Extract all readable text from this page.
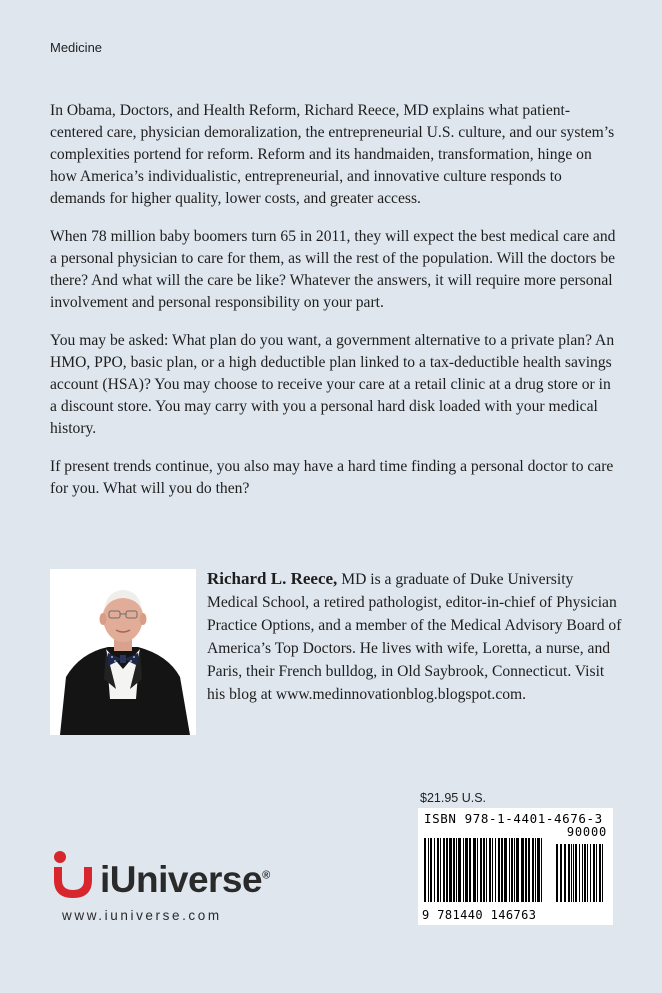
Medicine

In Obama, Doctors, and Health Reform, Richard Reece, MD explains what patient-centered care, physician demoralization, the entrepreneurial U.S. culture, and our system’s complexities portend for reform. Reform and its handmaiden, transformation, hinge on how America’s individualistic, entrepreneurial, and innovative culture responds to demands for higher quality, lower costs, and greater access.

When 78 million baby boomers turn 65 in 2011, they will expect the best medical care and a personal physician to care for them, as will the rest of the population. Will the doctors be there? And what will the care be like? Whatever the answers, it will require more personal involvement and personal responsibility on your part.

You may be asked: What plan do you want, a government alternative to a private plan? An HMO, PPO, basic plan, or a high deductible plan linked to a tax-deductible health savings account (HSA)? You may choose to receive your care at a retail clinic at a drug store or in a discount store. You may carry with you a personal hard disk loaded with your medical history.

If present trends continue, you also may have a hard time finding a personal doctor to care for you. What will you do then?

Richard L. Reece, MD is a graduate of Duke University Medical School, a retired pathologist, editor-in-chief of Physician Practice Options, and a member of the Medical Advisory Board of America’s Top Doctors. He lives with wife, Loretta, a nurse, and Paris, their French bulldog, in Old Saybrook, Connecticut. Visit his blog at www.medinnovationblog.blogspot.com.
$21.95 U.S.
ISBN 978-1-4401-4676-3
90000
9 781440 146763
iUniverse®
www.iuniverse.com
